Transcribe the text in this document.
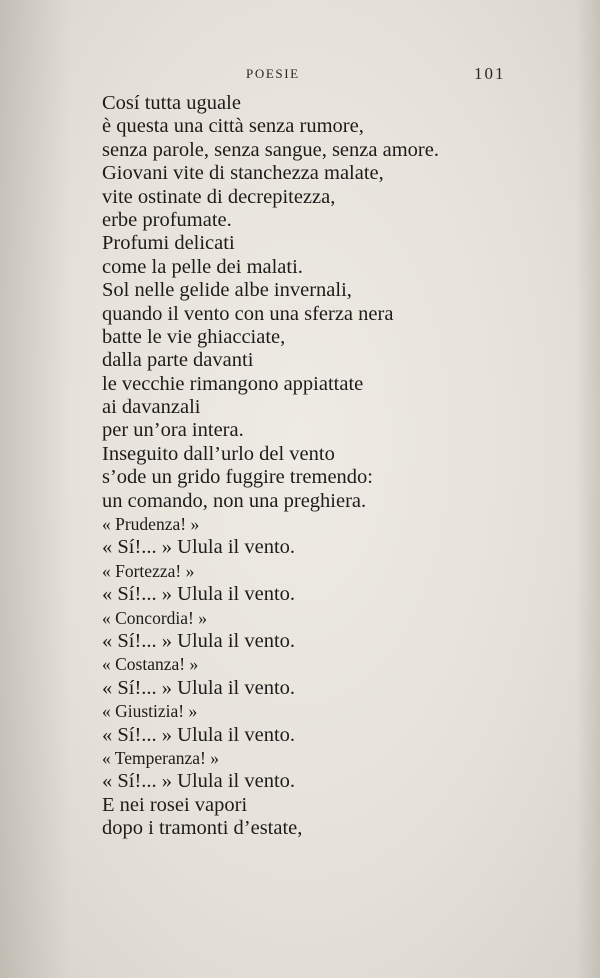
POESIE	101
Cosí tutta uguale
è questa una città senza rumore,
senza parole, senza sangue, senza amore.
Giovani vite di stanchezza malate,
vite ostinate di decrepitezza,
erbe profumate.
Profumi delicati
come la pelle dei malati.
Sol nelle gelide albe invernali,
quando il vento con una sferza nera
batte le vie ghiacciate,
dalla parte davanti
le vecchie rimangono appiattate
ai davanzali
per un’ora intera.
Inseguito dall’urlo del vento
s’ode un grido fuggire tremendo:
un comando, non una preghiera.
« Prudenza! »
« Sí!... » Ulula il vento.
« Fortezza! »
« Sí!... » Ulula il vento.
« Concordia! »
« Sí!... » Ulula il vento.
« Costanza! »
« Sí!... » Ulula il vento.
« Giustizia! »
« Sí!... » Ulula il vento.
« Temperanza! »
« Sí!... » Ulula il vento.
E nei rosei vapori
dopo i tramonti d’estate,
